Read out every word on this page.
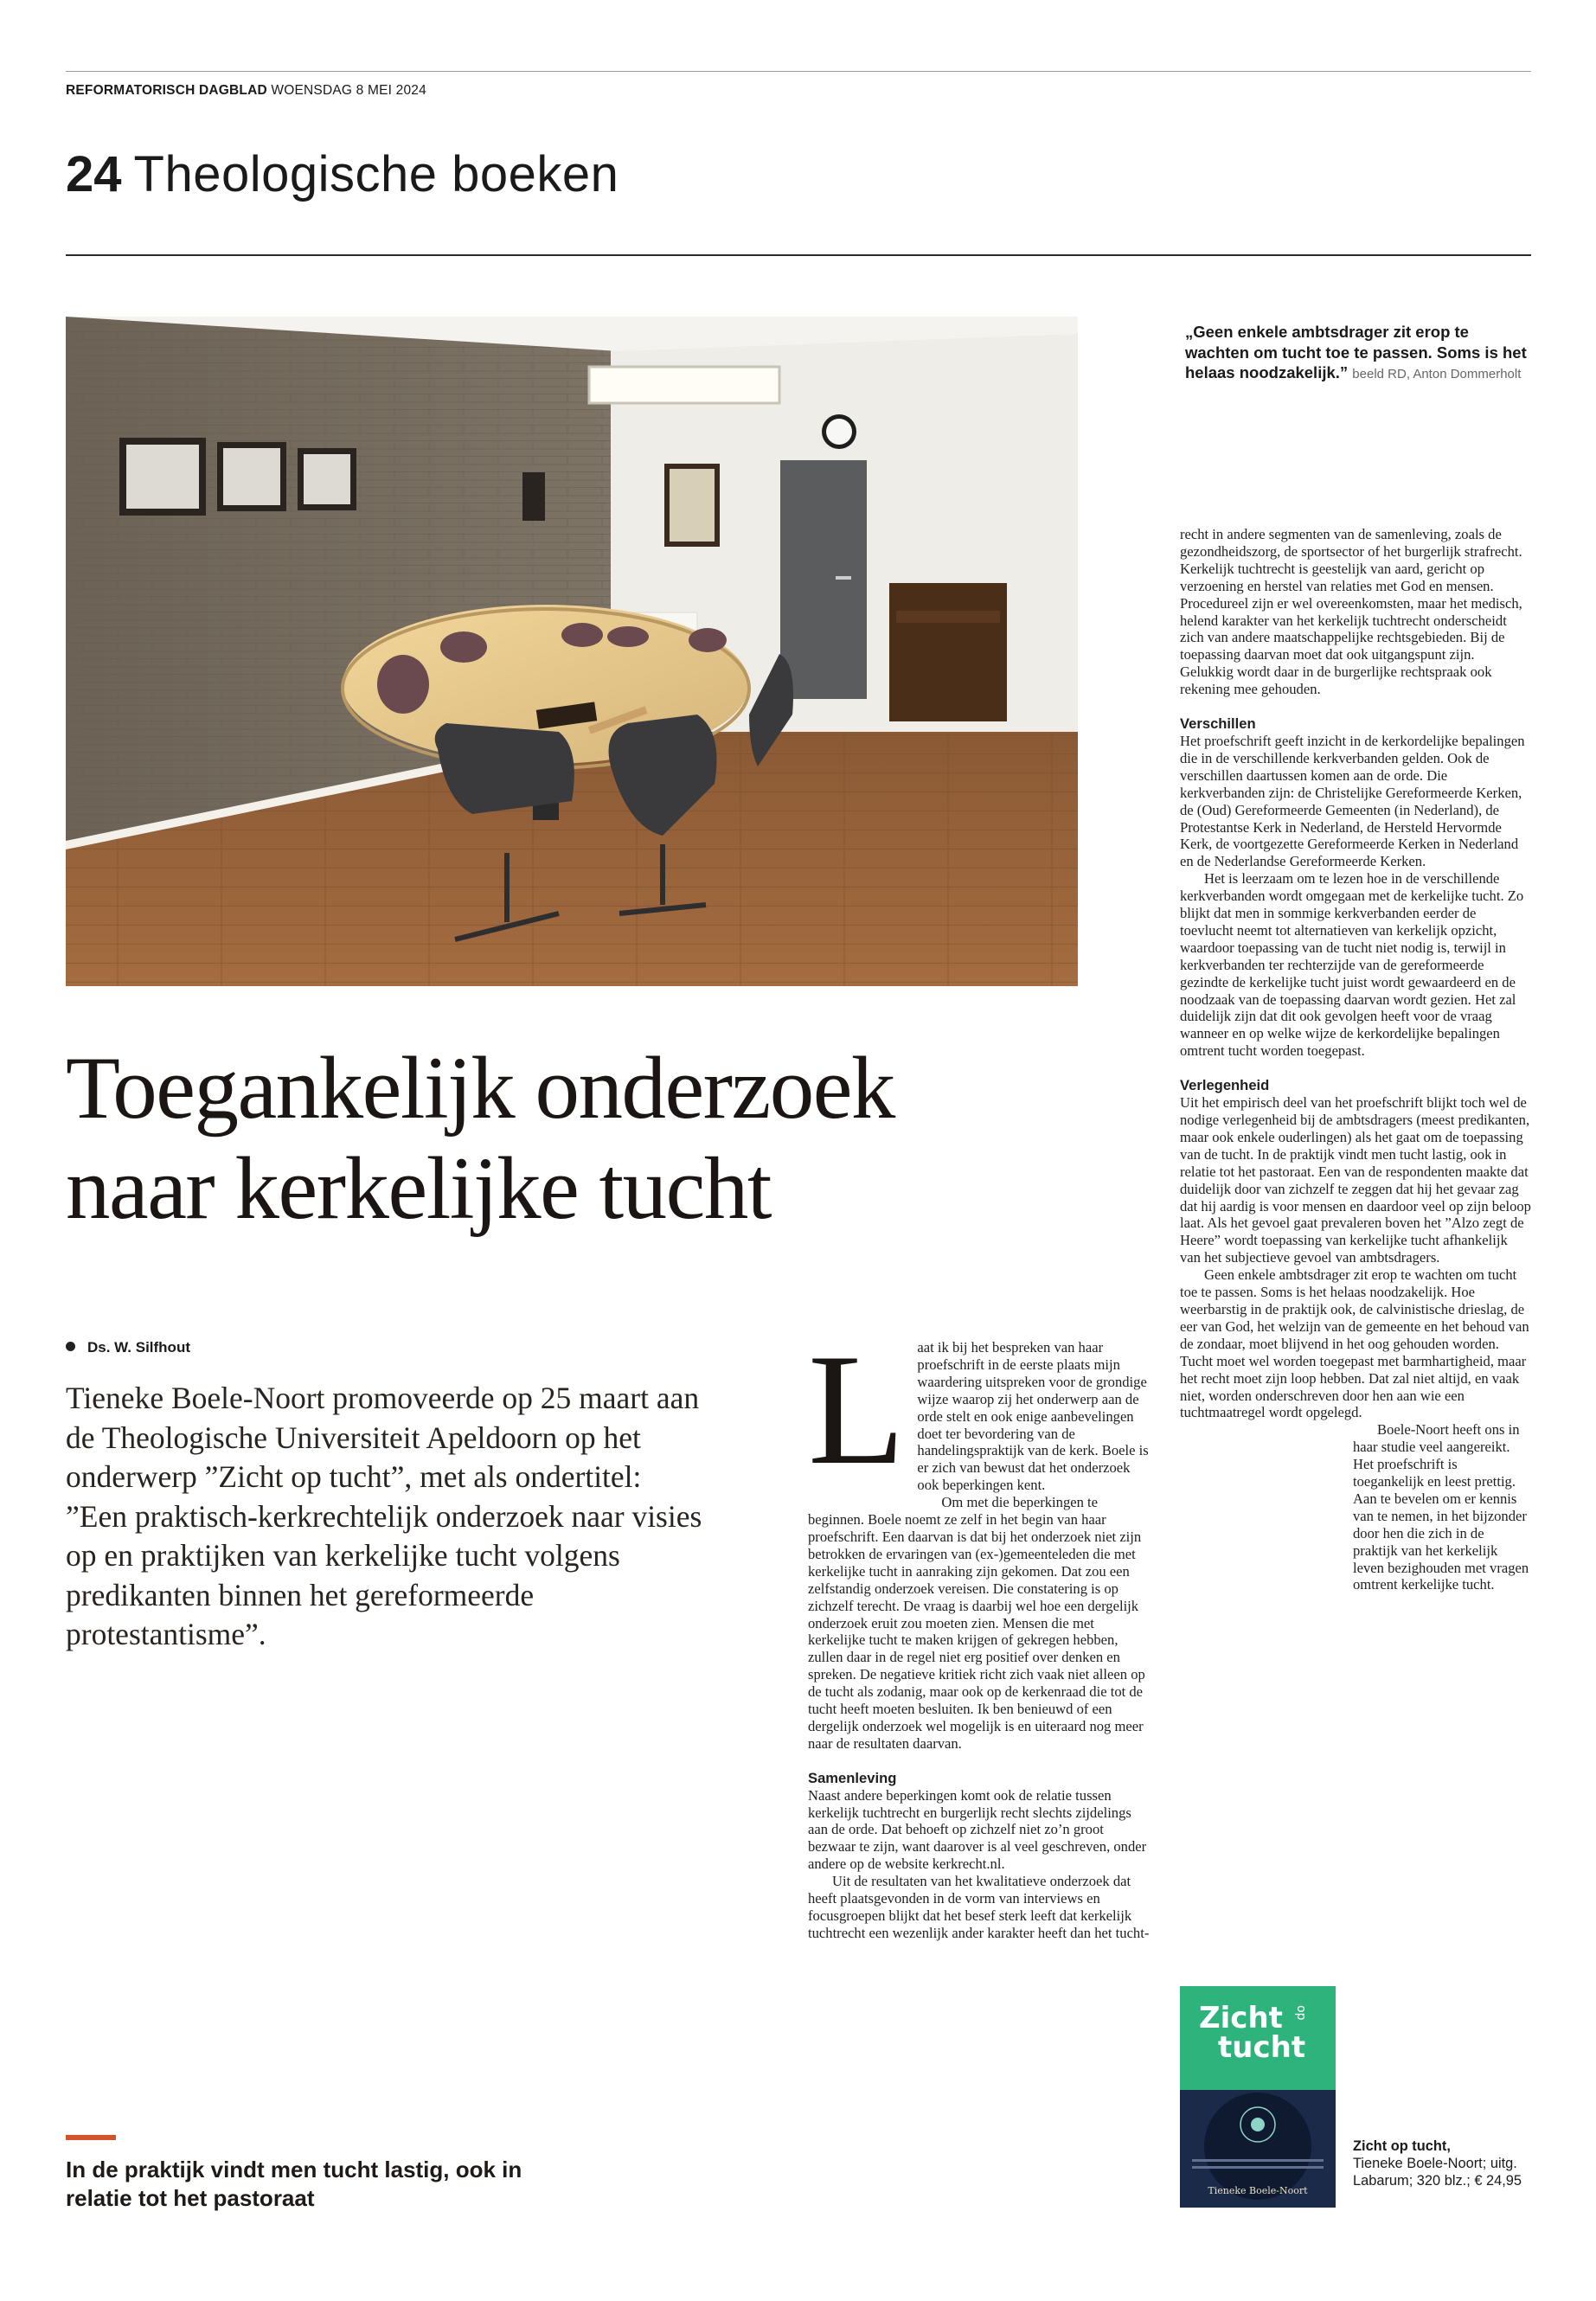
REFORMATORISCH DAGBLAD WOENSDAG 8 MEI 2024
24 Theologische boeken
„Geen enkele ambtsdrager zit erop te wachten om tucht toe te passen. Soms is het helaas noodzakelijk.” beeld RD, Anton Dommerholt
Toegankelijk onderzoek
naar kerkelijke tucht
Ds. W. Silfhout
Tieneke Boele-Noort promoveerde op 25 maart aan de Theologische Universiteit Apeldoorn op het onderwerp ”Zicht op tucht”, met als ondertitel: ”Een praktisch-kerkrechtelijk onderzoek naar visies op en praktijken van kerkelijke tucht volgens predikanten binnen het gereformeerde protestantisme”.
In de praktijk vindt men tucht lastig, ook in relatie tot het pastoraat
L aat ik bij het bespreken van haar proefschrift in de eerste plaats mijn waardering uitspreken voor de grondige wijze waarop zij het onderwerp aan de orde stelt en ook enige aanbevelingen doet ter bevordering van de handelingspraktijk van de kerk. Boele is er zich van bewust dat het onderzoek ook beperkingen kent.

Om met die beperkingen te beginnen. Boele noemt ze zelf in het begin van haar proefschrift. Een daarvan is dat bij het onderzoek niet zijn betrokken de ervaringen van (ex-)gemeenteleden die met kerkelijke tucht in aanraking zijn gekomen. Dat zou een zelfstandig onderzoek vereisen. Die constatering is op zichzelf terecht. De vraag is daarbij wel hoe een dergelijk onderzoek eruit zou moeten zien. Mensen die met kerkelijke tucht te maken krijgen of gekregen hebben, zullen daar in de regel niet erg positief over denken en spreken. De negatieve kritiek richt zich vaak niet alleen op de tucht als zodanig, maar ook op de kerkenraad die tot de tucht heeft moeten besluiten. Ik ben benieuwd of een dergelijk onderzoek wel mogelijk is en uiteraard nog meer naar de resultaten daarvan.

Samenleving

Naast andere beperkingen komt ook de relatie tussen kerkelijk tuchtrecht en burgerlijk recht slechts zijdelings aan de orde. Dat behoeft op zichzelf niet zo’n groot bezwaar te zijn, want daarover is al veel geschreven, onder andere op de website kerkrecht.nl.

Uit de resultaten van het kwalitatieve onderzoek dat heeft plaatsgevonden in de vorm van interviews en focusgroepen blijkt dat het besef sterk leeft dat kerkelijk tuchtrecht een wezenlijk ander karakter heeft dan het tucht-

recht in andere segmenten van de samenleving, zoals de gezondheidszorg, de sportsector of het burgerlijk strafrecht. Kerkelijk tuchtrecht is geestelijk van aard, gericht op verzoening en herstel van relaties met God en mensen. Procedureel zijn er wel overeenkomsten, maar het medisch, helend karakter van het kerkelijk tuchtrecht onderscheidt zich van andere maatschappelijke rechtsgebieden. Bij de toepassing daarvan moet dat ook uitgangspunt zijn. Gelukkig wordt daar in de burgerlijke rechtspraak ook rekening mee gehouden.

Verschillen

Het proefschrift geeft inzicht in de kerkordelijke bepalingen die in de verschillende kerkverbanden gelden. Ook de verschillen daartussen komen aan de orde. Die kerkverbanden zijn: de Christelijke Gereformeerde Kerken, de (Oud) Gereformeerde Gemeenten (in Nederland), de Protestantse Kerk in Nederland, de Hersteld Hervormde Kerk, de voortgezette Gereformeerde Kerken in Nederland en de Nederlandse Gereformeerde Kerken.

Het is leerzaam om te lezen hoe in de verschillende kerkverbanden wordt omgegaan met de kerkelijke tucht. Zo blijkt dat men in sommige kerkverbanden eerder de toevlucht neemt tot alternatieven van kerkelijk opzicht, waardoor toepassing van de tucht niet nodig is, terwijl in kerkverbanden ter rechterzijde van de gereformeerde gezindte de kerkelijke tucht juist wordt gewaardeerd en de noodzaak van de toepassing daarvan wordt gezien. Het zal duidelijk zijn dat dit ook gevolgen heeft voor de vraag wanneer en op welke wijze de kerkordelijke bepalingen omtrent tucht worden toegepast.

Verlegenheid

Uit het empirisch deel van het proefschrift blijkt toch wel de nodige verlegenheid bij de ambtsdragers (meest predikanten, maar ook enkele ouderlingen) als het gaat om de toepassing van de tucht. In de praktijk vindt men tucht lastig, ook in relatie tot het pastoraat. Een van de respondenten maakte dat duidelijk door van zichzelf te zeggen dat hij het gevaar zag dat hij aardig is voor mensen en daardoor veel op zijn beloop laat. Als het gevoel gaat prevaleren boven het ”Alzo zegt de Heere” wordt toepassing van kerkelijke tucht afhankelijk van het subjectieve gevoel van ambtsdragers.

Geen enkele ambtsdrager zit erop te wachten om tucht toe te passen. Soms is het helaas noodzakelijk. Hoe weerbarstig in de praktijk ook, de calvinistische drieslag, de eer van God, het welzijn van de gemeente en het behoud van de zondaar, moet blijvend in het oog gehouden worden. Tucht moet wel worden toegepast met barmhartigheid, maar het recht moet zijn loop hebben. Dat zal niet altijd, en vaak niet, worden onderschreven door hen aan wie een tuchtmaatregel wordt opgelegd.

Boele-Noort heeft ons in haar studie veel aangereikt. Het proefschrift is toegankelijk en leest prettig. Aan te bevelen om er kennis van te nemen, in het bijzonder door hen die zich in de praktijk van het kerkelijk leven bezighouden met vragen omtrent kerkelijke tucht.

Zicht op
tucht
Tieneke Boele-Noort
Zicht op tucht,
Tieneke Boele-Noort; uitg. Labarum; 320 blz.; € 24,95
